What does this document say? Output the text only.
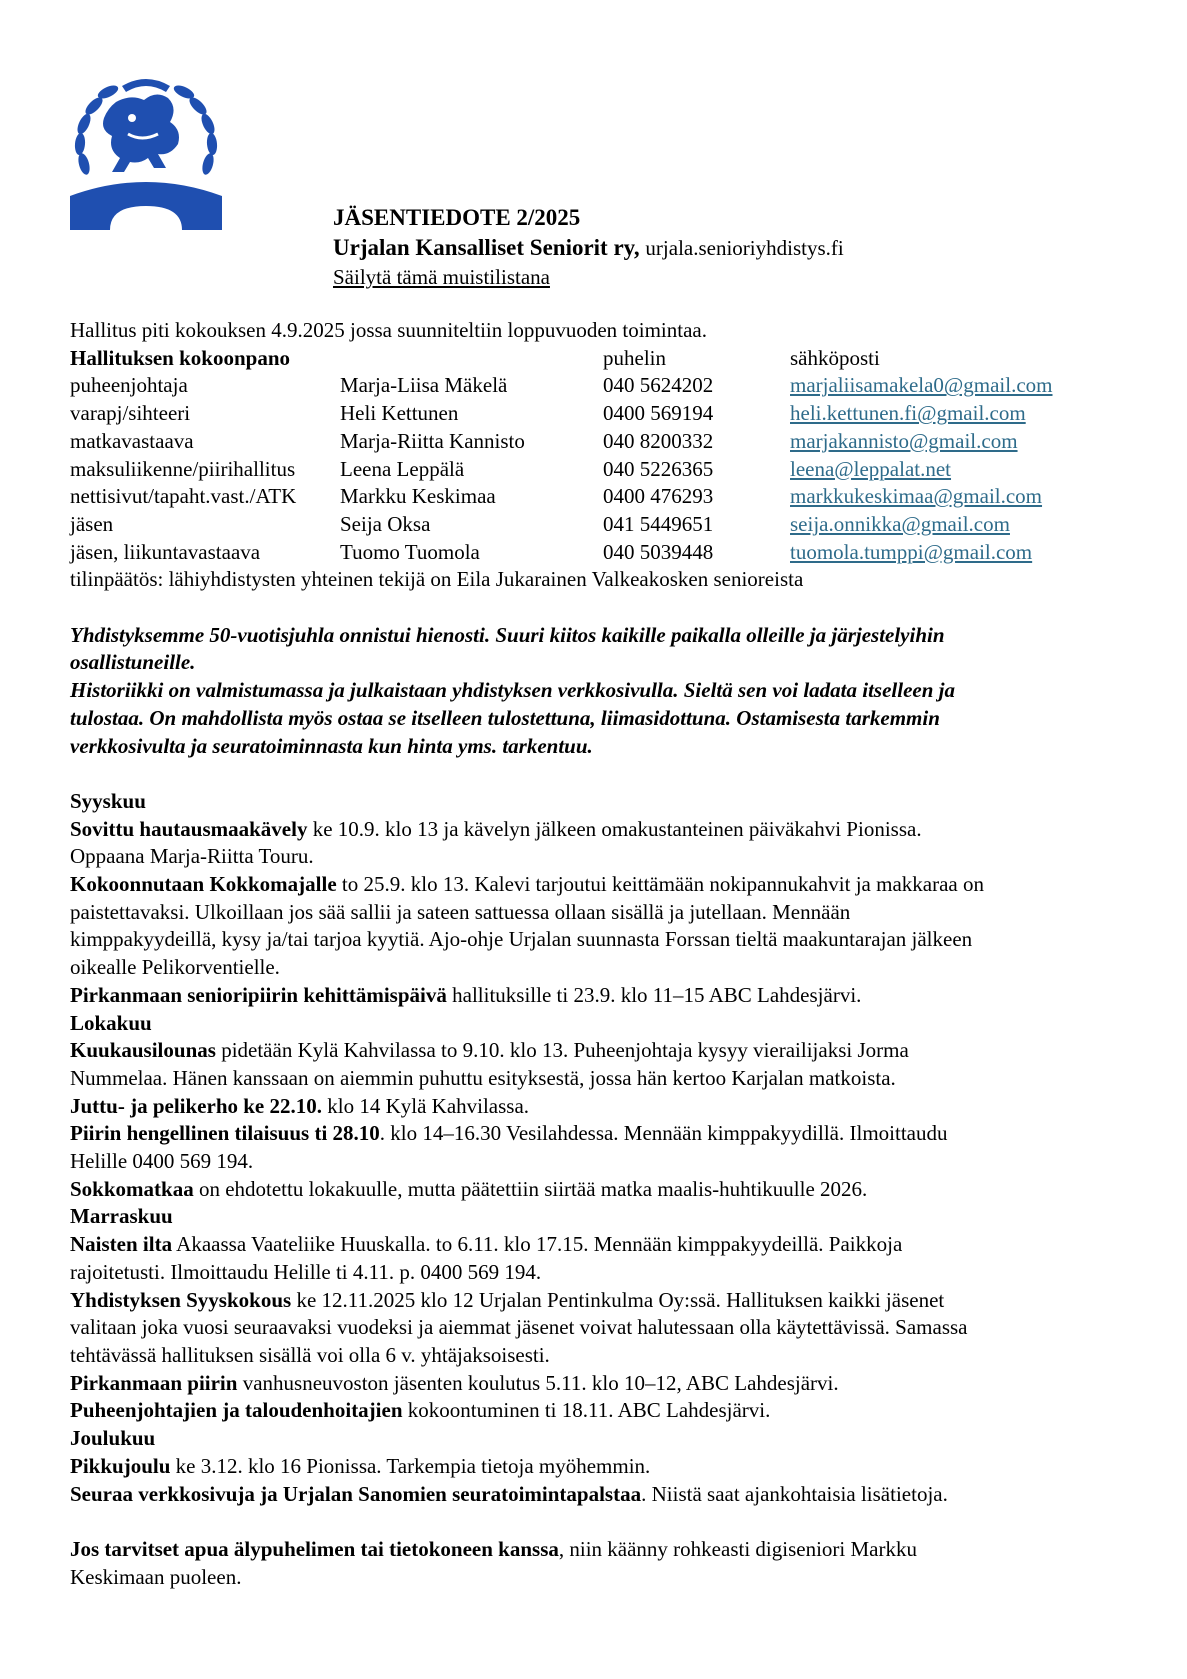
JÄSENTIEDOTE 2/2025
Urjalan Kansalliset Seniorit ry, urjala.senioriyhdistys.fi
Säilytä tämä muistilistana
Hallitus piti kokouksen 4.9.2025 jossa suunniteltiin loppuvuoden toimintaa.
Hallituksen kokoonpano		puhelin	sähköposti
puheenjohtaja	Marja-Liisa Mäkelä	040 5624202	marjaliisamakela0@gmail.com
varapj/sihteeri	Heli Kettunen	0400 569194	heli.kettunen.fi@gmail.com
matkavastaava	Marja-Riitta Kannisto	040 8200332	marjakannisto@gmail.com
maksuliikenne/piirihallitus	Leena Leppälä	040 5226365	leena@leppalat.net
nettisivut/tapaht.vast./ATK	Markku Keskimaa	0400 476293	markkukeskimaa@gmail.com
jäsen	Seija Oksa	041 5449651	seija.onnikka@gmail.com
jäsen, liikuntavastaava	Tuomo Tuomola	040 5039448	tuomola.tumppi@gmail.com
tilinpäätös: lähiyhdistysten yhteinen tekijä on Eila Jukarainen Valkeakosken senioreista
Yhdistyksemme 50-vuotisjuhla onnistui hienosti. Suuri kiitos kaikille paikalla olleille ja järjestelyihin
osallistuneille.
Historiikki on valmistumassa ja julkaistaan yhdistyksen verkkosivulla. Sieltä sen voi ladata itselleen ja
tulostaa. On mahdollista myös ostaa se itselleen tulostettuna, liimasidottuna. Ostamisesta tarkemmin
verkkosivulta ja seuratoiminnasta kun hinta yms. tarkentuu.
Syyskuu
Sovittu hautausmaakävely ke 10.9. klo 13 ja kävelyn jälkeen omakustanteinen päiväkahvi Pionissa.
Oppaana Marja-Riitta Touru.
Kokoonnutaan Kokkomajalle to 25.9. klo 13. Kalevi tarjoutui keittämään nokipannukahvit ja makkaraa on
paistettavaksi. Ulkoillaan jos sää sallii ja sateen sattuessa ollaan sisällä ja jutellaan. Mennään
kimppakyydeillä, kysy ja/tai tarjoa kyytiä. Ajo-ohje Urjalan suunnasta Forssan tieltä maakuntarajan jälkeen
oikealle Pelikorventielle.
Pirkanmaan senioripiirin kehittämispäivä hallituksille ti 23.9. klo 11–15 ABC Lahdesjärvi.
Lokakuu
Kuukausilounas pidetään Kylä Kahvilassa to 9.10. klo 13. Puheenjohtaja kysyy vierailijaksi Jorma
Nummelaa. Hänen kanssaan on aiemmin puhuttu esityksestä, jossa hän kertoo Karjalan matkoista.
Juttu- ja pelikerho ke 22.10. klo 14 Kylä Kahvilassa.
Piirin hengellinen tilaisuus ti 28.10. klo 14–16.30 Vesilahdessa. Mennään kimppakyydillä. Ilmoittaudu
Helille 0400 569 194.
Sokkomatkaa on ehdotettu lokakuulle, mutta päätettiin siirtää matka maalis-huhtikuulle 2026.
Marraskuu
Naisten ilta Akaassa Vaateliike Huuskalla. to 6.11. klo 17.15. Mennään kimppakyydeillä. Paikkoja
rajoitetusti. Ilmoittaudu Helille ti 4.11. p. 0400 569 194.
Yhdistyksen Syyskokous ke 12.11.2025 klo 12 Urjalan Pentinkulma Oy:ssä. Hallituksen kaikki jäsenet
valitaan joka vuosi seuraavaksi vuodeksi ja aiemmat jäsenet voivat halutessaan olla käytettävissä. Samassa
tehtävässä hallituksen sisällä voi olla 6 v. yhtäjaksoisesti.
Pirkanmaan piirin vanhusneuvoston jäsenten koulutus 5.11. klo 10–12, ABC Lahdesjärvi.
Puheenjohtajien ja taloudenhoitajien kokoontuminen ti 18.11. ABC Lahdesjärvi.
Joulukuu
Pikkujoulu ke 3.12. klo 16 Pionissa. Tarkempia tietoja myöhemmin.
Seuraa verkkosivuja ja Urjalan Sanomien seuratoimintapalstaa. Niistä saat ajankohtaisia lisätietoja.
Jos tarvitset apua älypuhelimen tai tietokoneen kanssa, niin käänny rohkeasti digiseniori Markku
Keskimaan puoleen.
